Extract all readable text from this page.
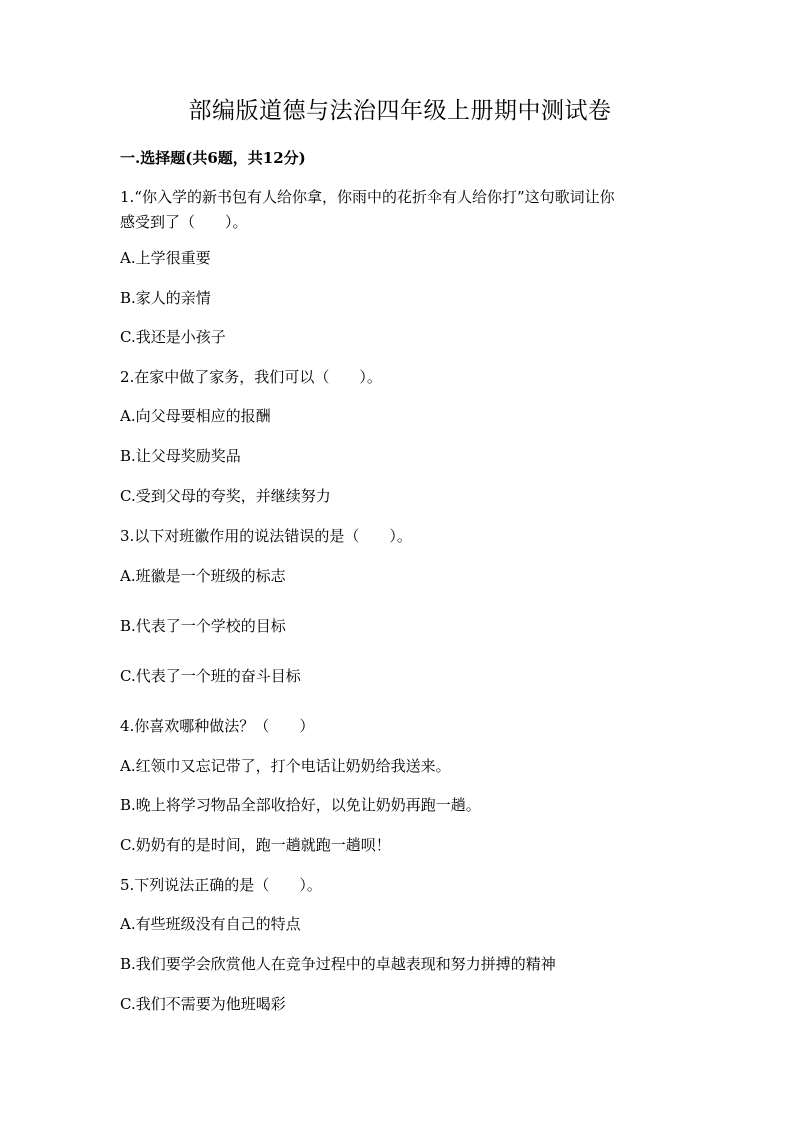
部编版道德与法治四年级上册期中测试卷

一.选择题(共6题，共12分)

1.“你入学的新书包有人给你拿，你雨中的花折伞有人给你打”这句歌词让你

感受到了（　　）。

A.上学很重要

B.家人的亲情

C.我还是小孩子

2.在家中做了家务，我们可以（　　）。

A.向父母要相应的报酬

B.让父母奖励奖品

C.受到父母的夸奖，并继续努力

3.以下对班徽作用的说法错误的是（　　）。

A.班徽是一个班级的标志

B.代表了一个学校的目标

C.代表了一个班的奋斗目标

4.你喜欢哪种做法？（　　）

A.红领巾又忘记带了，打个电话让奶奶给我送来。

B.晚上将学习物品全部收拾好，以免让奶奶再跑一趟。

C.奶奶有的是时间，跑一趟就跑一趟呗！

5.下列说法正确的是（　　）。

A.有些班级没有自己的特点

B.我们要学会欣赏他人在竞争过程中的卓越表现和努力拼搏的精神

C.我们不需要为他班喝彩
